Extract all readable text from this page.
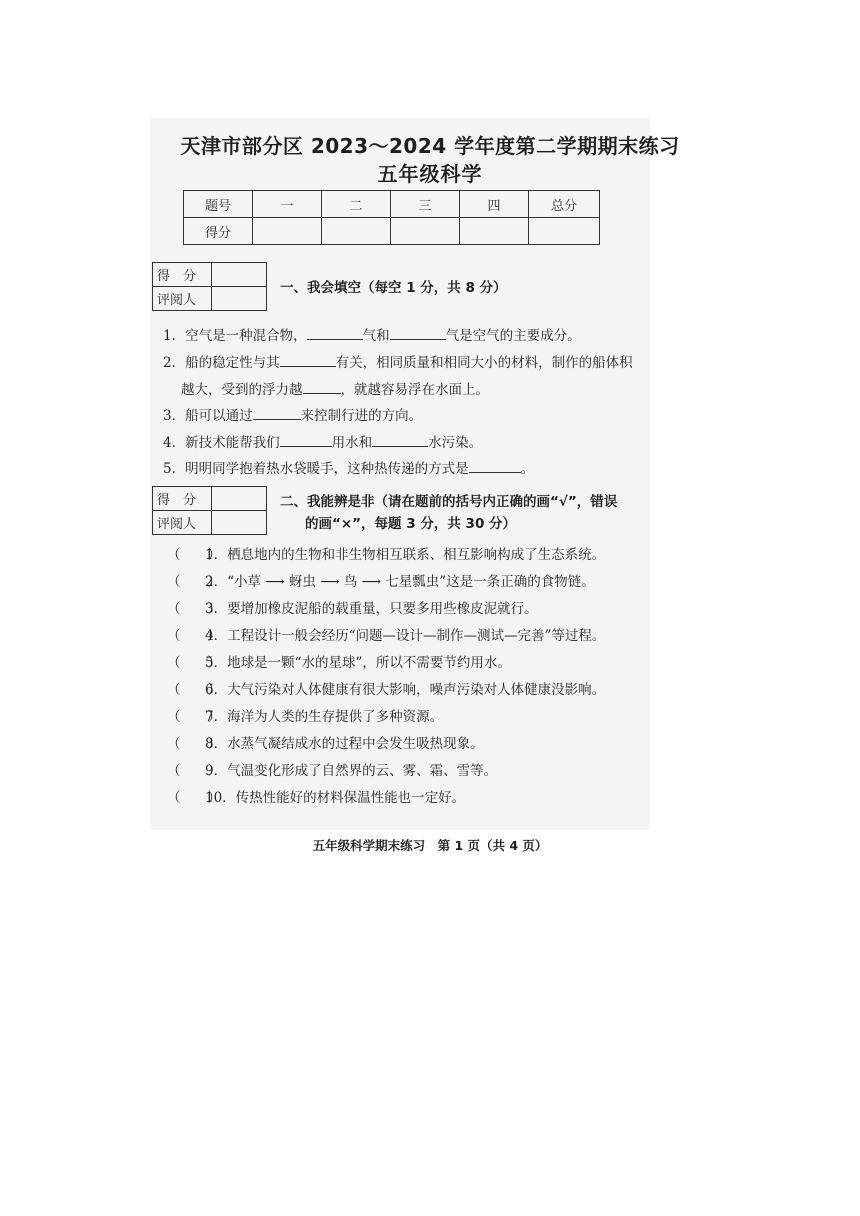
天津市部分区 2023～2024 学年度第二学期期末练习
五年级科学
题号	一	二	三	四	总分
得分					
得　分	
评阅人	
一、我会填空（每空 1 分，共 8 分）
1．空气是一种混合物，	气和	气是空气的主要成分。
2．船的稳定性与其	有关，相同质量和相同大小的材料，制作的船体积
越大，受到的浮力越	，就越容易浮在水面上。
3．船可以通过	来控制行进的方向。
4．新技术能帮我们	用水和	水污染。
5．明明同学抱着热水袋暖手，这种热传递的方式是	。
得　分	
评阅人	
二、我能辨是非（请在题前的括号内正确的画“√”，错误
的画“×”，每题 3 分，共 30 分）
（　　）1．栖息地内的生物和非生物相互联系、相互影响构成了生态系统。
（　　）2．“小草 ⟶ 蚜虫 ⟶ 鸟 ⟶ 七星瓢虫”这是一条正确的食物链。
（　　）3．要增加橡皮泥船的载重量，只要多用些橡皮泥就行。
（　　）4．工程设计一般会经历“问题—设计—制作—测试—完善”等过程。
（　　）5．地球是一颗“水的星球”，所以不需要节约用水。
（　　）6．大气污染对人体健康有很大影响，噪声污染对人体健康没影响。
（　　）7．海洋为人类的生存提供了多种资源。
（　　）8．水蒸气凝结成水的过程中会发生吸热现象。
（　　）9．气温变化形成了自然界的云、雾、霜、雪等。
（　　）10．传热性能好的材料保温性能也一定好。
五年级科学期末练习　第 1 页（共 4 页）
